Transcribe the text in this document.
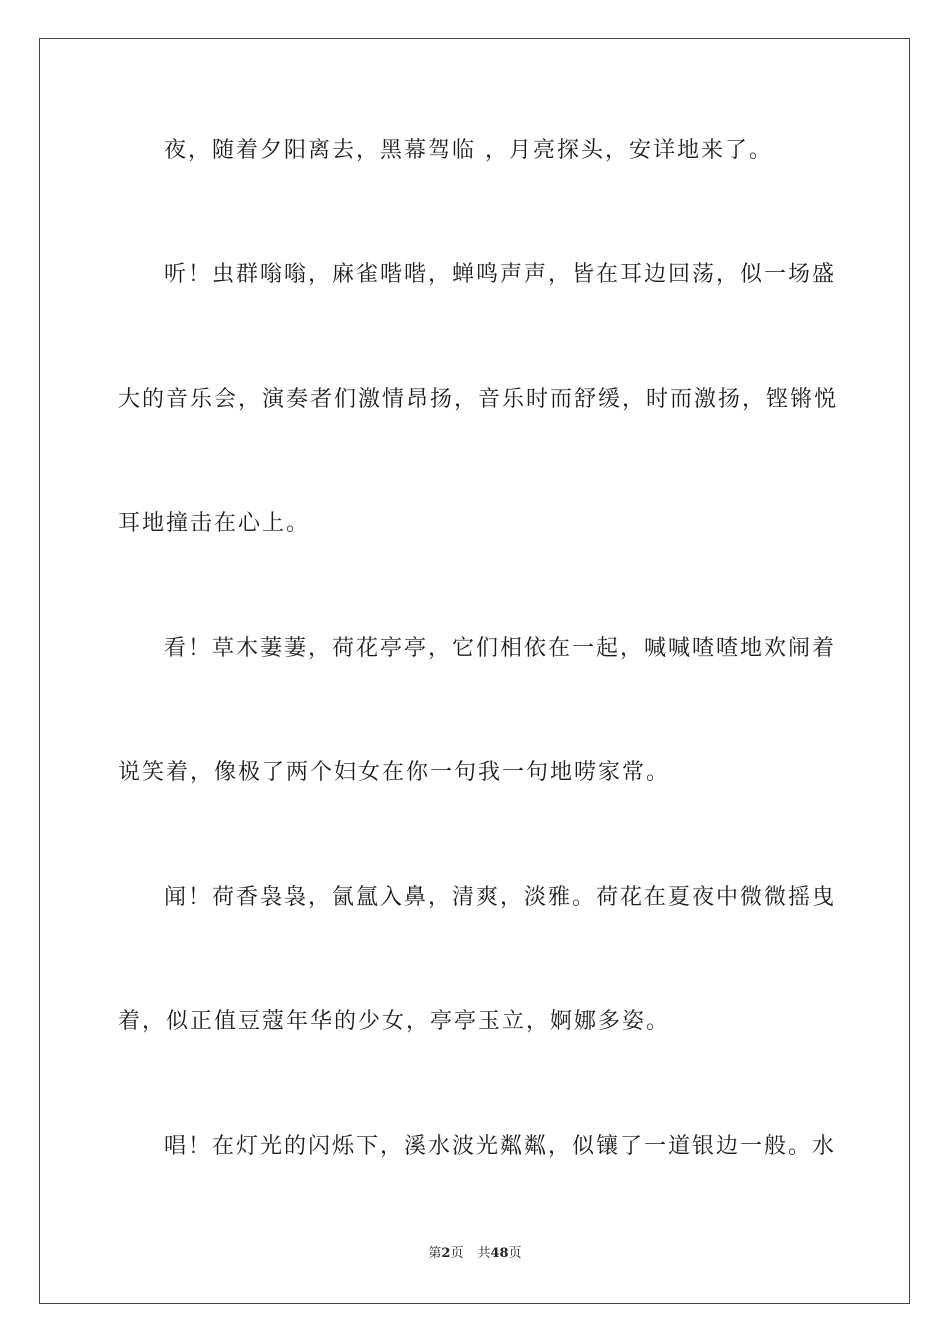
夜，随着夕阳离去，黑幕驾临 ，月亮探头，安详地来了。
听！虫群嗡嗡，麻雀喈喈，蝉鸣声声，皆在耳边回荡，似一场盛
大的音乐会，演奏者们激情昂扬，音乐时而舒缓，时而激扬，铿锵悦
耳地撞击在心上。
看！草木萋萋，荷花亭亭，它们相依在一起，喊喊喳喳地欢闹着
说笑着，像极了两个妇女在你一句我一句地唠家常。
闻！荷香袅袅，氤氲入鼻，清爽，淡雅。荷花在夏夜中微微摇曳
着，似正值豆蔻年华的少女，亭亭玉立，婀娜多姿。
唱！在灯光的闪烁下，溪水波光粼粼，似镶了一道银边一般。水
第2页 共48页
